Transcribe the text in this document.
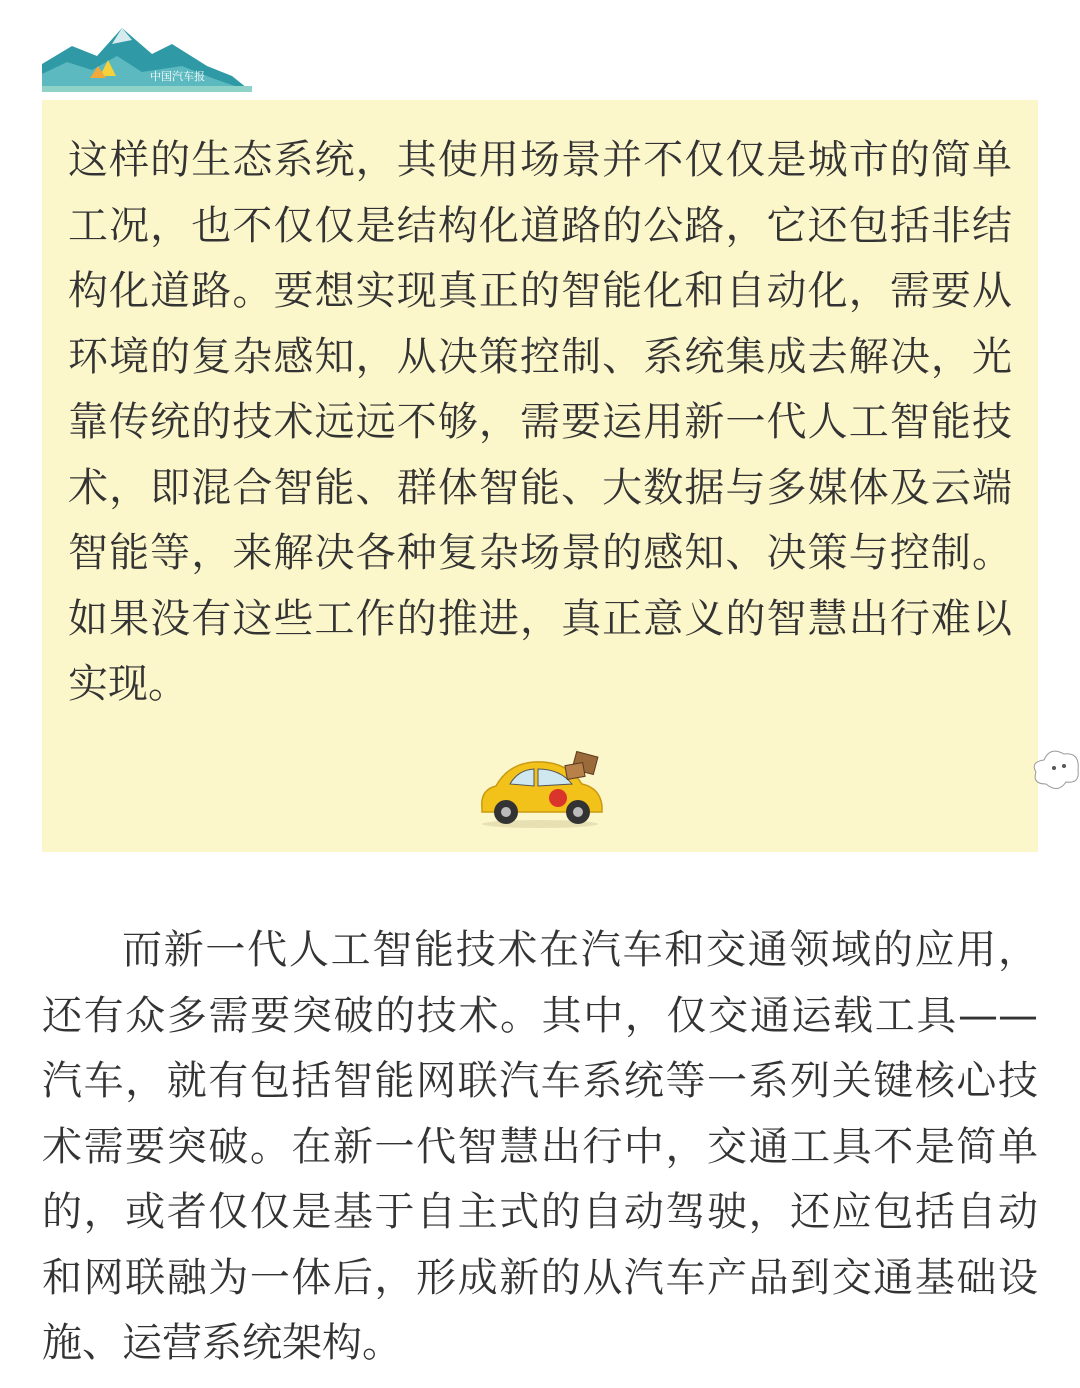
中国汽车报

这样的生态系统，其使用场景并不仅仅是城市的简单工况，也不仅仅是结构化道路的公路，它还包括非结构化道路。要想实现真正的智能化和自动化，需要从环境的复杂感知，从决策控制、系统集成去解决，光靠传统的技术远远不够，需要运用新一代人工智能技术，即混合智能、群体智能、大数据与多媒体及云端智能等，来解决各种复杂场景的感知、决策与控制。如果没有这些工作的推进，真正意义的智慧出行难以实现。

而新一代人工智能技术在汽车和交通领域的应用，还有众多需要突破的技术。其中，仅交通运载工具——汽车，就有包括智能网联汽车系统等一系列关键核心技术需要突破。在新一代智慧出行中，交通工具不是简单的，或者仅仅是基于自主式的自动驾驶，还应包括自动和网联融为一体后，形成新的从汽车产品到交通基础设施、运营系统架构。
